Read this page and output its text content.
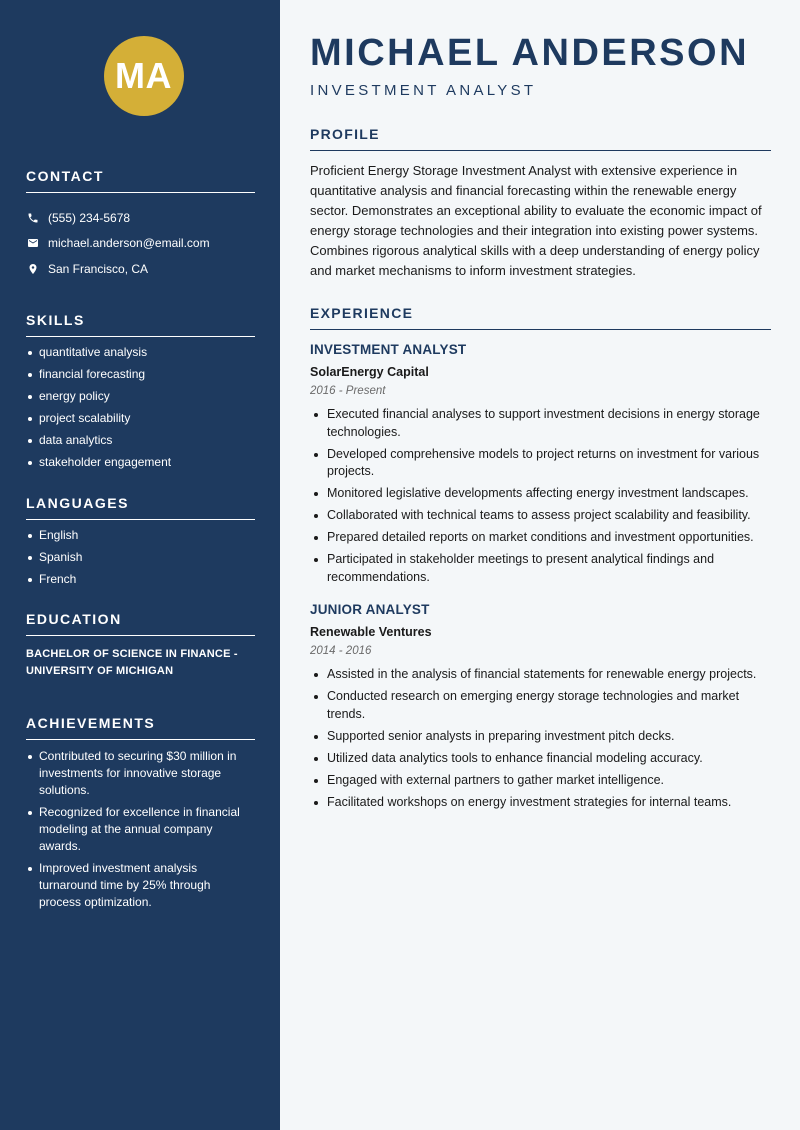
MA
CONTACT
(555) 234-5678
michael.anderson@email.com
San Francisco, CA
SKILLS
quantitative analysis
financial forecasting
energy policy
project scalability
data analytics
stakeholder engagement
LANGUAGES
English
Spanish
French
EDUCATION

BACHELOR OF SCIENCE IN FINANCE - UNIVERSITY OF MICHIGAN

ACHIEVEMENTS
Contributed to securing $30 million in investments for innovative storage solutions.
Recognized for excellence in financial modeling at the annual company awards.
Improved investment analysis turnaround time by 25% through process optimization.
MICHAEL ANDERSON
INVESTMENT ANALYST
PROFILE

Proficient Energy Storage Investment Analyst with extensive experience in quantitative analysis and financial forecasting within the renewable energy sector. Demonstrates an exceptional ability to evaluate the economic impact of energy storage technologies and their integration into existing power systems. Combines rigorous analytical skills with a deep understanding of energy policy and market mechanisms to inform investment strategies.

EXPERIENCE
INVESTMENT ANALYST
SolarEnergy Capital
2016 - Present
Executed financial analyses to support investment decisions in energy storage technologies.
Developed comprehensive models to project returns on investment for various projects.
Monitored legislative developments affecting energy investment landscapes.
Collaborated with technical teams to assess project scalability and feasibility.
Prepared detailed reports on market conditions and investment opportunities.
Participated in stakeholder meetings to present analytical findings and recommendations.
JUNIOR ANALYST
Renewable Ventures
2014 - 2016
Assisted in the analysis of financial statements for renewable energy projects.
Conducted research on emerging energy storage technologies and market trends.
Supported senior analysts in preparing investment pitch decks.
Utilized data analytics tools to enhance financial modeling accuracy.
Engaged with external partners to gather market intelligence.
Facilitated workshops on energy investment strategies for internal teams.
